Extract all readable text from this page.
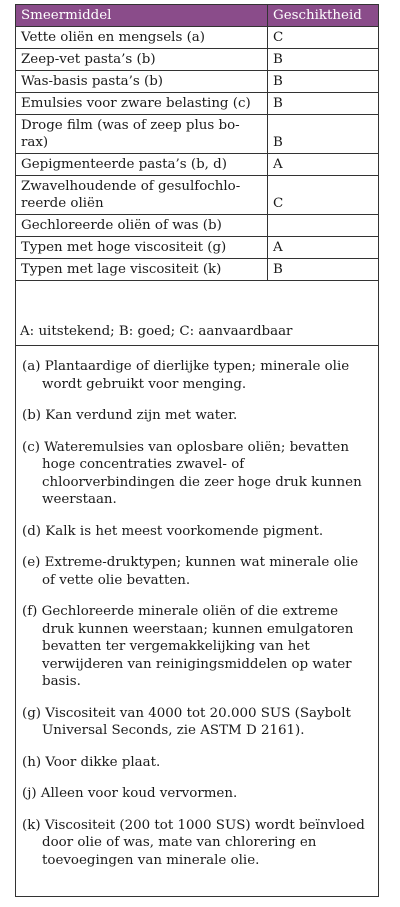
Smeermiddel	Geschiktheid
Vette oliën en mengsels (a)	C
Zeep-vet pasta’s (b)	B
Was-basis pasta’s (b)	B
Emulsies voor zware belasting (c)	B
Droge film (was of zeep plus bo-rax)	B
Gepigmenteerde pasta’s (b, d)	A
Zwavelhoudende of gesulfochlo-reerde oliën	C
Gechloreerde oliën of was (b)	
Typen met hoge viscositeit (g)	A
Typen met lage viscositeit (k)	B
A: uitstekend; B: goed; C: aanvaardbaar

(a) Plantaardige of dierlijke typen; minerale olie wordt gebruikt voor menging.

(b) Kan verdund zijn met water.

(c) Wateremulsies van oplosbare oliën; bevatten hoge concentraties zwavel- of chloorverbindingen die zeer hoge druk kunnen weerstaan.

(d) Kalk is het meest voorkomende pigment.

(e) Extreme-druktypen; kunnen wat minerale olie of vette olie bevatten.

(f) Gechloreerde minerale oliën of die extreme druk kunnen weerstaan; kunnen emulgatoren bevatten ter vergemakkelijking van het verwijderen van reinigingsmiddelen op water basis.

(g) Viscositeit van 4000 tot 20.000 SUS (Saybolt Universal Seconds, zie ASTM D 2161).

(h) Voor dikke plaat.

(j) Alleen voor koud vervormen.

(k) Viscositeit (200 tot 1000 SUS) wordt beïnvloed door olie of was, mate van chlorering en toevoegingen van minerale olie.
